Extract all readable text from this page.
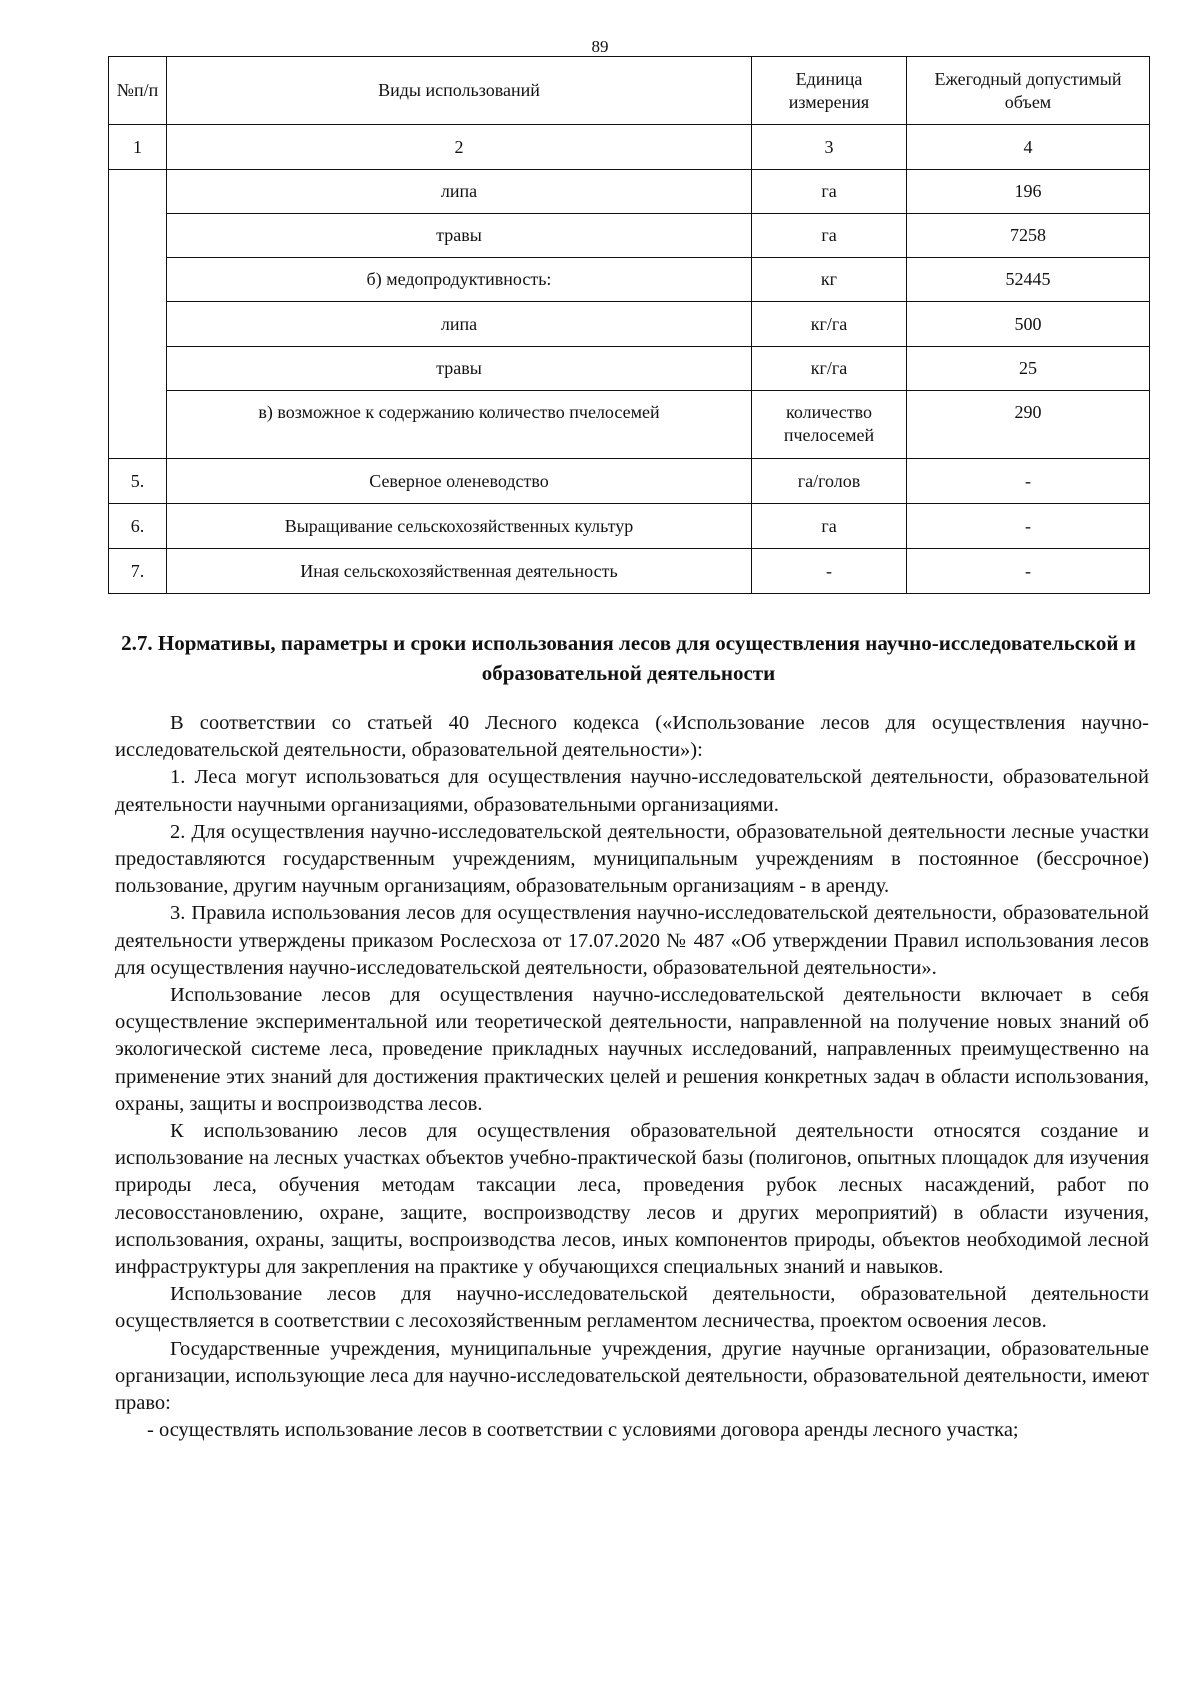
89
№п/п	Виды использований	Единица измерения	Ежегодный допустимый объем
1	2	3	4
	липа	га	196
	травы	га	7258
	б) медопродуктивность:	кг	52445
	липа	кг/га	500
	травы	кг/га	25
	в) возможное к содержанию количество пчелосемей	количество пчелосемей	290
5.	Северное оленеводство	га/голов	-
6.	Выращивание сельскохозяйственных культур	га	-
7.	Иная сельскохозяйственная деятельность	-	-
2.7. Нормативы, параметры и сроки использования лесов для осуществления научно-исследовательской и образовательной деятельности

В соответствии со статьей 40 Лесного кодекса («Использование лесов для осуществления научно-исследовательской деятельности, образовательной деятельности»):

1. Леса могут использоваться для осуществления научно-исследовательской деятельности, образовательной деятельности научными организациями, образовательными организациями.

2. Для осуществления научно-исследовательской деятельности, образовательной деятельности лесные участки предоставляются государственным учреждениям, муниципальным учреждениям в постоянное (бессрочное) пользование, другим научным организациям, образовательным организациям - в аренду.

3. Правила использования лесов для осуществления научно-исследовательской деятельности, образовательной деятельности утверждены приказом Рослесхоза от 17.07.2020 № 487 «Об утверждении Правил использования лесов для осуществления научно-исследовательской деятельности, образовательной деятельности».

Использование лесов для осуществления научно-исследовательской деятельности включает в себя осуществление экспериментальной или теоретической деятельности, направленной на получение новых знаний об экологической системе леса, проведение прикладных научных исследований, направленных преимущественно на применение этих знаний для достижения практических целей и решения конкретных задач в области использования, охраны, защиты и воспроизводства лесов.

К использованию лесов для осуществления образовательной деятельности относятся создание и использование на лесных участках объектов учебно-практической базы (полигонов, опытных площадок для изучения природы леса, обучения методам таксации леса, проведения рубок лесных насаждений, работ по лесовосстановлению, охране, защите, воспроизводству лесов и других мероприятий) в области изучения, использования, охраны, защиты, воспроизводства лесов, иных компонентов природы, объектов необходимой лесной инфраструктуры для закрепления на практике у обучающихся специальных знаний и навыков.

Использование лесов для научно-исследовательской деятельности, образовательной деятельности осуществляется в соответствии с лесохозяйственным регламентом лесничества, проектом освоения лесов.

Государственные учреждения, муниципальные учреждения, другие научные организации, образовательные организации, использующие леса для научно-исследовательской деятельности, образовательной деятельности, имеют право:

- осуществлять использование лесов в соответствии с условиями договора аренды лесного участка;
